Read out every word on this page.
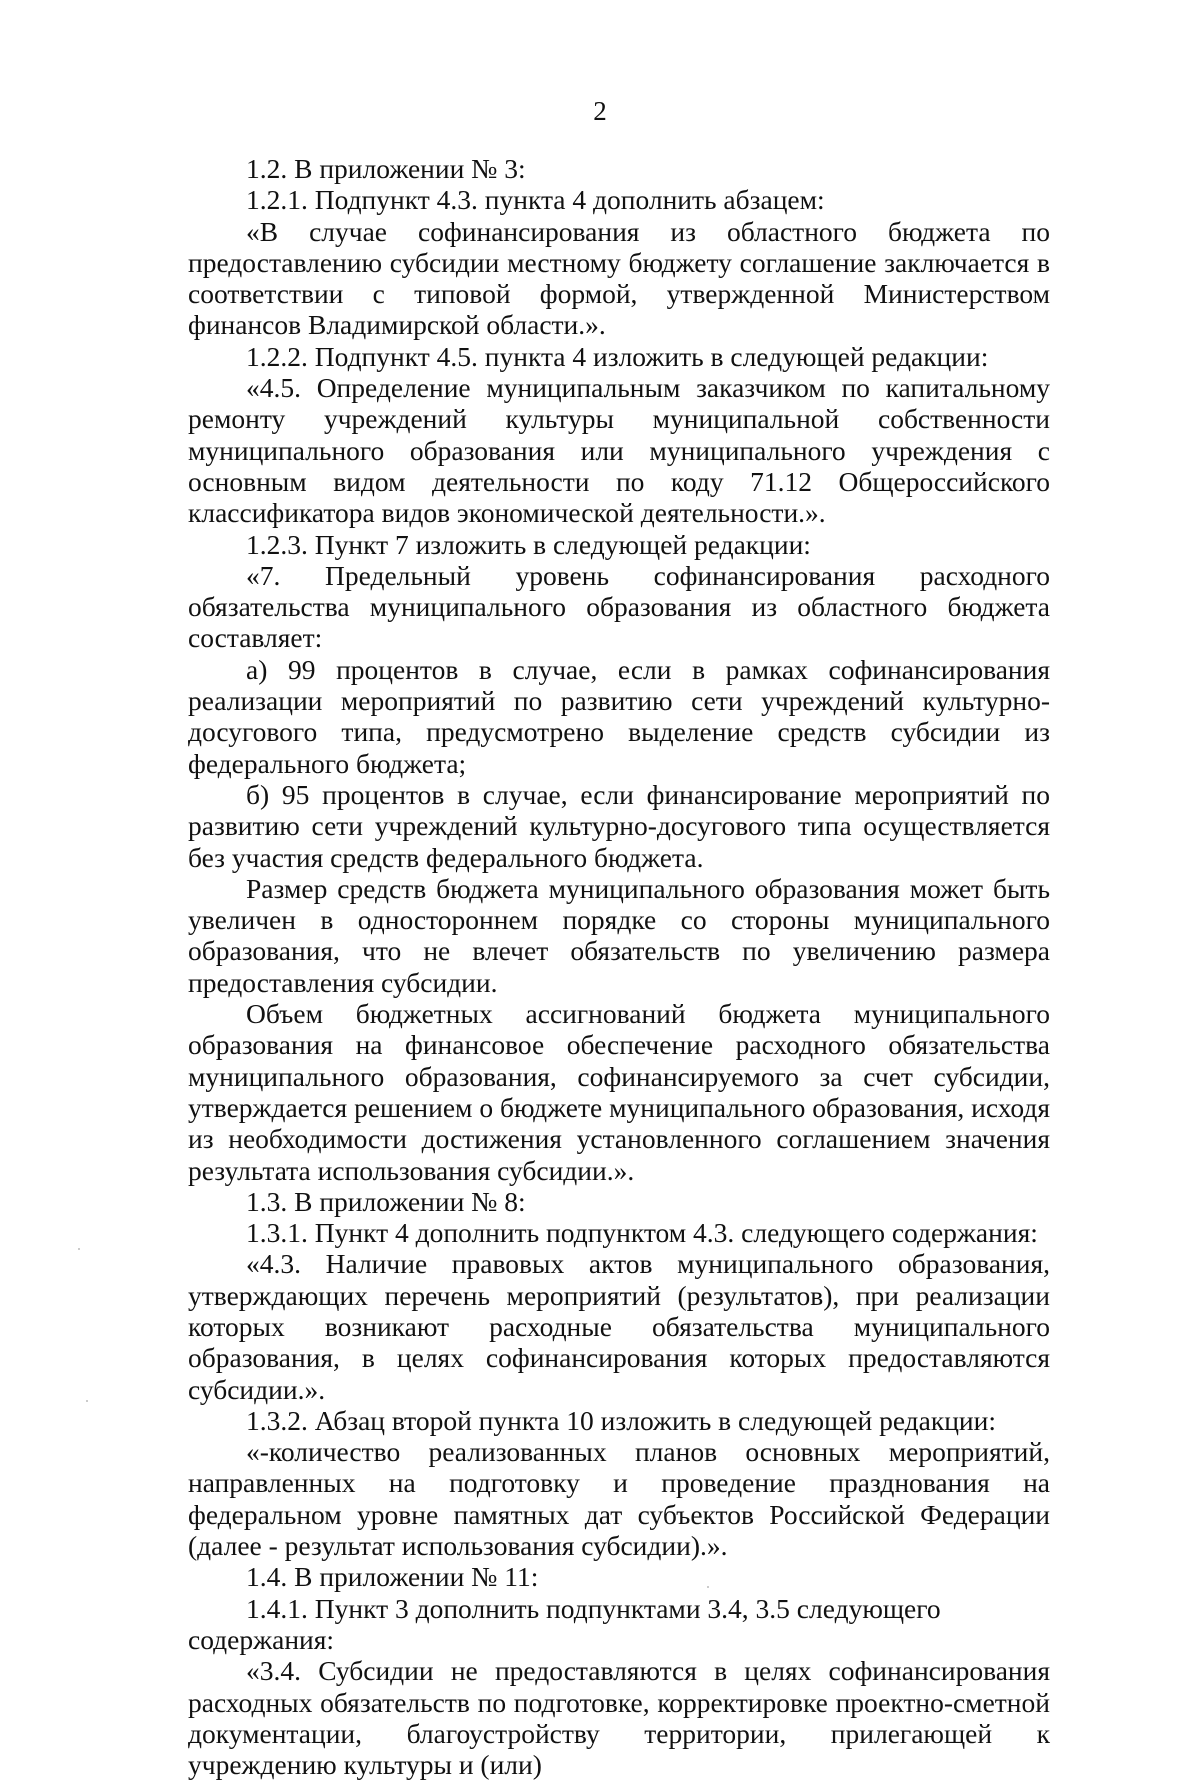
2

1.2. В приложении № 3:

1.2.1. Подпункт 4.3. пункта 4 дополнить абзацем:

«В случае софинансирования из областного бюджета по предоставлению субсидии местному бюджету соглашение заключается в соответствии с типовой формой, утвержденной Министерством финансов Владимирской области.».

1.2.2. Подпункт 4.5. пункта 4 изложить в следующей редакции:

«4.5. Определение муниципальным заказчиком по капитальному ремонту учреждений культуры муниципальной собственности муниципального образования или муниципального учреждения с основным видом деятельности по коду 71.12 Общероссийского классификатора видов экономической деятельности.».

1.2.3. Пункт 7 изложить в следующей редакции:

«7. Предельный уровень софинансирования расходного обязательства муниципального образования из областного бюджета составляет:

а) 99 процентов в случае, если в рамках софинансирования реализации мероприятий по развитию сети учреждений культурно-досугового типа, предусмотрено выделение средств субсидии из федерального бюджета;

б) 95 процентов в случае, если финансирование мероприятий по развитию сети учреждений культурно-досугового типа осуществляется без участия средств федерального бюджета.

Размер средств бюджета муниципального образования может быть увеличен в одностороннем порядке со стороны муниципального образования, что не влечет обязательств по увеличению размера предоставления субсидии.

Объем бюджетных ассигнований бюджета муниципального образования на финансовое обеспечение расходного обязательства муниципального образования, софинансируемого за счет субсидии, утверждается решением о бюджете муниципального образования, исходя из необходимости достижения установленного соглашением значения результата использования субсидии.».

1.3. В приложении № 8:

1.3.1. Пункт 4 дополнить подпунктом 4.3. следующего содержания:

«4.3. Наличие правовых актов муниципального образования, утверждающих перечень мероприятий (результатов), при реализации которых возникают расходные обязательства муниципального образования, в целях софинансирования которых предоставляются субсидии.».

1.3.2. Абзац второй пункта 10 изложить в следующей редакции:

«-количество реализованных планов основных мероприятий, направленных на подготовку и проведение празднования на федеральном уровне памятных дат субъектов Российской Федерации (далее - результат использования субсидии).».

1.4. В приложении № 11:

1.4.1. Пункт 3 дополнить подпунктами 3.4, 3.5 следующего содержания:

«3.4. Субсидии не предоставляются в целях софинансирования расходных обязательств по подготовке, корректировке проектно-сметной документации, благоустройству территории, прилегающей к учреждению культуры и (или)
